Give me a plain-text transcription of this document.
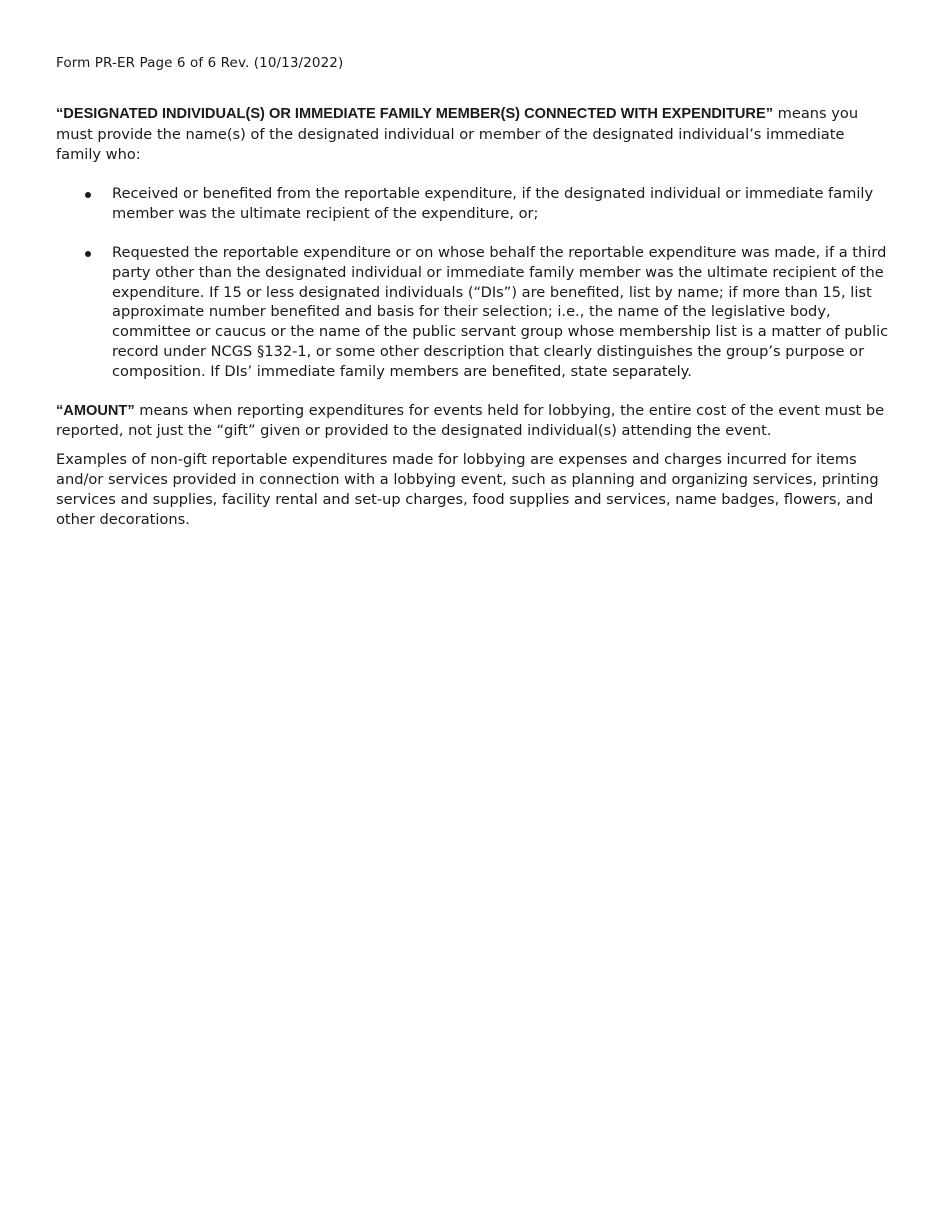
Form PR-ER Page 6 of 6 Rev. (10/13/2022)

“DESIGNATED INDIVIDUAL(S) OR IMMEDIATE FAMILY MEMBER(S) CONNECTED WITH EXPENDITURE” means you must provide the name(s) of the designated individual or member of the designated individual’s immediate family who:

Received or benefited from the reportable expenditure, if the designated individual or immediate family member was the ultimate recipient of the expenditure, or;
Requested the reportable expenditure or on whose behalf the reportable expenditure was made, if a third party other than the designated individual or immediate family member was the ultimate recipient of the expenditure. If 15 or less designated individuals (“DIs”) are benefited, list by name; if more than 15, list approximate number benefited and basis for their selection; i.e., the name of the legislative body, committee or caucus or the name of the public servant group whose membership list is a matter of public record under NCGS §132-1, or some other description that clearly distinguishes the group’s purpose or composition. If DIs’ immediate family members are benefited, state separately.

“AMOUNT” means when reporting expenditures for events held for lobbying, the entire cost of the event must be reported, not just the “gift” given or provided to the designated individual(s) attending the event.

Examples of non-gift reportable expenditures made for lobbying are expenses and charges incurred for items and/or services provided in connection with a lobbying event, such as planning and organizing services, printing services and supplies, facility rental and set-up charges, food supplies and services, name badges, flowers, and other decorations.
